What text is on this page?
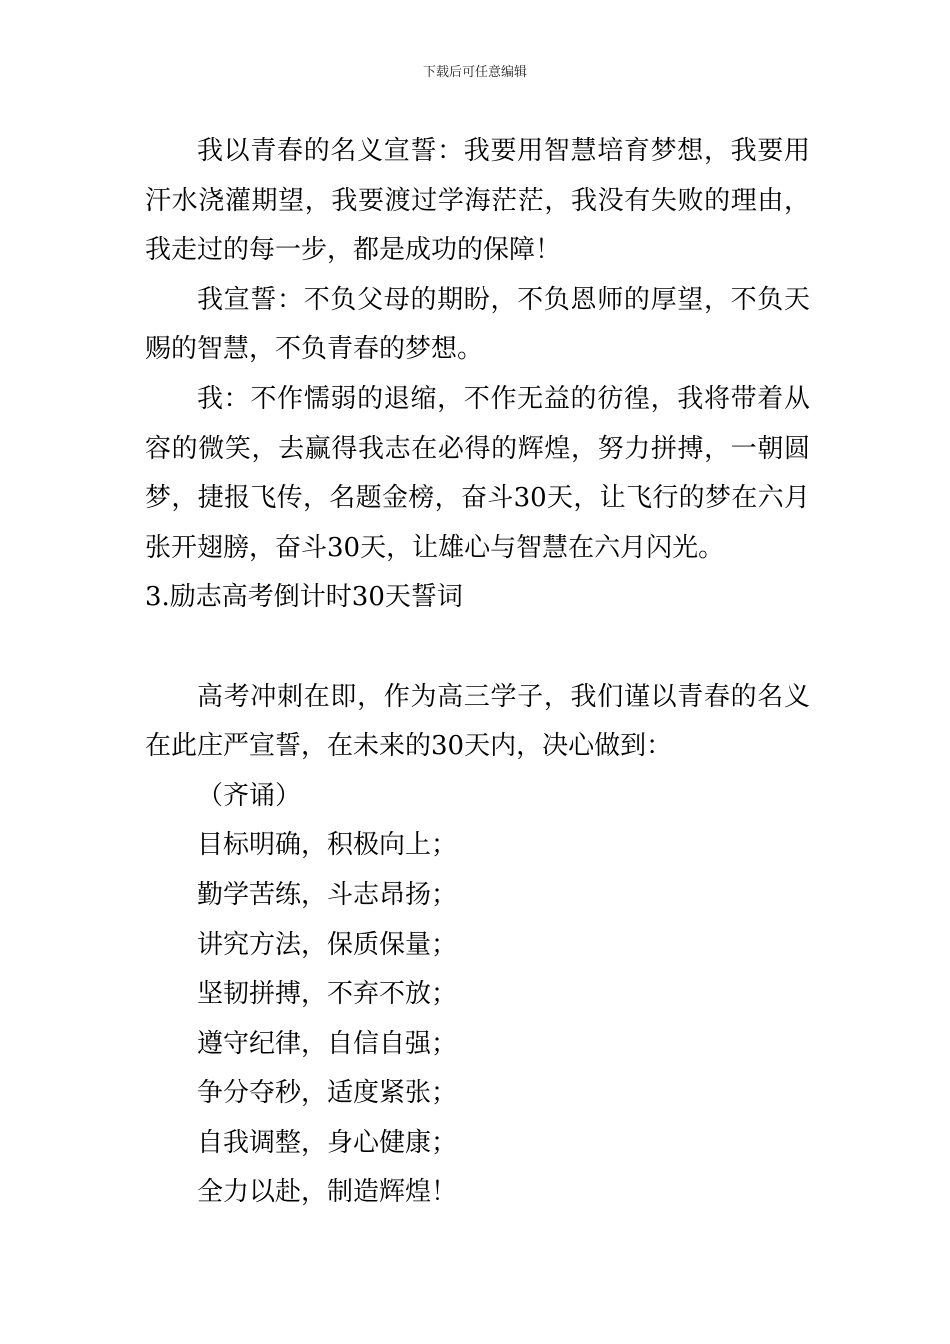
下载后可任意编辑

我以青春的名义宣誓：我要用智慧培育梦想，我要用汗水浇灌期望，我要渡过学海茫茫，我没有失败的理由，我走过的每一步，都是成功的保障！

我宣誓：不负父母的期盼，不负恩师的厚望，不负天赐的智慧，不负青春的梦想。

我：不作懦弱的退缩，不作无益的彷徨，我将带着从容的微笑，去赢得我志在必得的辉煌，努力拼搏，一朝圆梦，捷报飞传，名题金榜，奋斗30天，让飞行的梦在六月张开翅膀，奋斗30天，让雄心与智慧在六月闪光。

3.励志高考倒计时30天誓词

高考冲刺在即，作为高三学子，我们谨以青春的名义在此庄严宣誓，在未来的30天内，决心做到：

（齐诵）

目标明确，积极向上；

勤学苦练，斗志昂扬；

讲究方法，保质保量；

坚韧拼搏，不弃不放；

遵守纪律，自信自强；

争分夺秒，适度紧张；

自我调整，身心健康；

全力以赴，制造辉煌！
